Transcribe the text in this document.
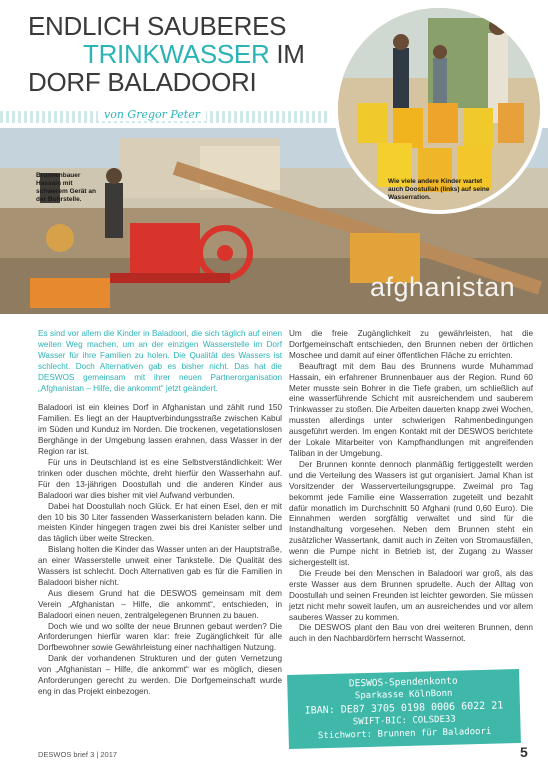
ENDLICH SAUBERES
TRINKWASSER IM
DORF BALADOORI
von Gregor Peter
Brunnenbauer Hassain mit schwerem Gerät an der Bohrstelle.
Wie viele andere Kinder wartet auch Doostullah (links) auf seine Wasserration.
afghanistan

Es sind vor allem die Kinder in Baladoori, die sich täglich auf einen weiten Weg machen, um an der einzigen Wasserstelle im Dorf Wasser für ihre Familien zu holen. Die Qualität des Wassers ist schlecht. Doch Alternativen gab es bisher nicht. Das hat die DESWOS gemeinsam mit ihrer neuen Partnerorganisation „Afghanistan – Hilfe, die ankommt“ jetzt geändert.

Baladoori ist ein kleines Dorf in Afghanistan und zählt rund 150 Familien. Es liegt an der Hauptverbindungsstraße zwischen Kabul im Süden und Kunduz im Norden. Die trockenen, vegetationslosen Berghänge in der Umgebung lassen erahnen, dass Wasser in der Region rar ist.

Für uns in Deutschland ist es eine Selbstverständlichkeit: Wer trinken oder duschen möchte, dreht hierfür den Wasserhahn auf. Für den 13-jährigen Doostullah und die anderen Kinder aus Baladoori war dies bisher mit viel Aufwand verbunden.

Dabei hat Doostullah noch Glück. Er hat einen Esel, den er mit den 10 bis 30 Liter fassenden Wasserkanistern beladen kann. Die meisten Kinder hingegen tragen zwei bis drei Kanister selber und das täglich über weite Strecken.

Bislang holten die Kinder das Wasser unten an der Hauptstraße, an einer Wasserstelle unweit einer Tankstelle. Die Qualität des Wassers ist schlecht. Doch Alternativen gab es für die Familien in Baladoori bisher nicht.

Aus diesem Grund hat die DESWOS gemeinsam mit dem Verein „Afghanistan – Hilfe, die ankommt“, entschieden, in Baladoori einen neuen, zentralgelegenen Brunnen zu bauen.

Doch wie und wo sollte der neue Brunnen gebaut werden? Die Anforderungen hierfür waren klar: freie Zugänglichkeit für alle Dorfbewohner sowie Gewährleistung einer nachhaltigen Nutzung.

Dank der vorhandenen Strukturen und der guten Vernetzung von „Afghanistan – Hilfe, die ankommt“ war es möglich, diesen Anforderungen gerecht zu werden. Die Dorfgemeinschaft wurde eng in das Projekt einbezogen.

Um die freie Zugänglichkeit zu gewährleisten, hat die Dorfgemeinschaft entschieden, den Brunnen neben der örtlichen Moschee und damit auf einer öffentlichen Fläche zu errichten.

Beauftragt mit dem Bau des Brunnens wurde Muhammad Hassain, ein erfahrener Brunnenbauer aus der Region. Rund 60 Meter musste sein Bohrer in die Tiefe graben, um schließlich auf eine wasserführende Schicht mit ausreichendem und sauberem Trinkwasser zu stoßen. Die Arbeiten dauerten knapp zwei Wochen, mussten allerdings unter schwierigen Rahmenbedingungen ausgeführt werden. Im engen Kontakt mit der DESWOS berichtete der Lokale Mitarbeiter von Kampfhandlungen mit angreifenden Taliban in der Umgebung.

Der Brunnen konnte dennoch planmäßig fertiggestellt werden und die Verteilung des Wassers ist gut organisiert. Jamal Khan ist Vorsitzender der Wasserverteilungsgruppe. Zweimal pro Tag bekommt jede Familie eine Wasserration zugeteilt und bezahlt dafür monatlich im Durchschnitt 50 Afghani (rund 0,60 Euro). Die Einnahmen werden sorgfältig verwaltet und sind für die Instandhaltung vorgesehen. Neben dem Brunnen steht ein zusätzlicher Wassertank, damit auch in Zeiten von Stromausfällen, wenn die Pumpe nicht in Betrieb ist, der Zugang zu Wasser sichergestellt ist.

Die Freude bei den Menschen in Baladoori war groß, als das erste Wasser aus dem Brunnen sprudelte. Auch der Alltag von Doostullah und seinen Freunden ist leichter geworden. Sie müssen jetzt nicht mehr soweit laufen, um an ausreichendes und vor allem sauberes Wasser zu kommen.

Die DESWOS plant den Bau von drei weiteren Brunnen, denn auch in den Nachbardörfern herrscht Wassernot.

DESWOS-Spendenkonto
Sparkasse KölnBonn
IBAN: DE87 3705 0198 0006 6022 21
SWIFT-BIC: COLSDE33
Stichwort: Brunnen für Baladoori
DESWOS brief 3 | 2017	5
